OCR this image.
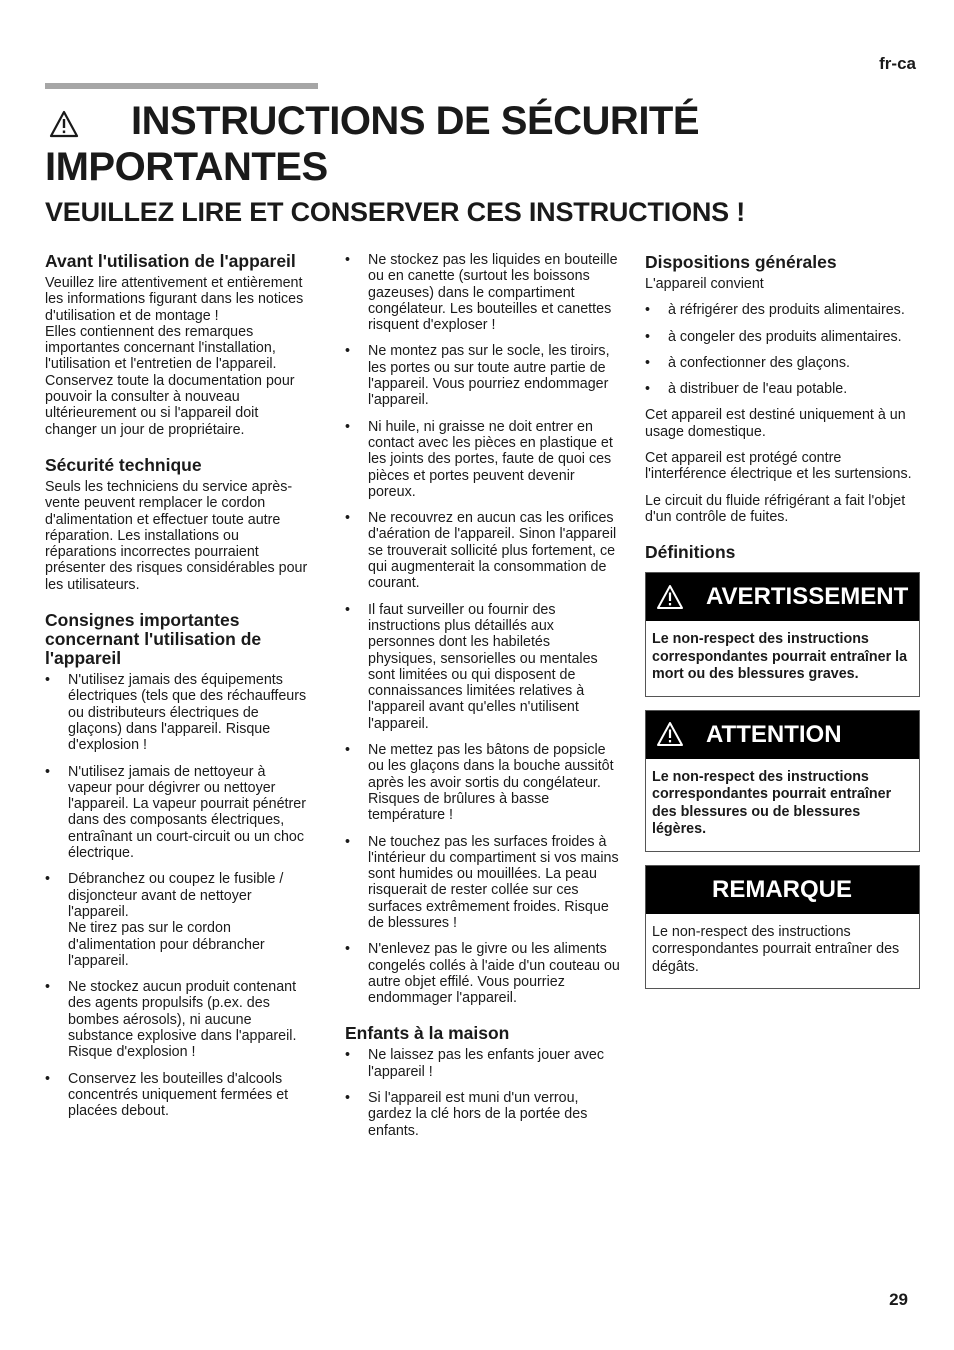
fr-ca
INSTRUCTIONS DE SÉCURITÉ IMPORTANTES
VEUILLEZ LIRE ET CONSERVER CES INSTRUCTIONS !
Avant l'utilisation de l'appareil

Veuillez lire attentivement et entièrement les informations figurant dans les notices d'utilisation et de montage !

Elles contiennent des remarques importantes concernant l'installation, l'utilisation et l'entretien de l'appareil. Conservez toute la documentation pour pouvoir la consulter à nouveau ultérieurement ou si l'appareil doit changer un jour de propriétaire.

Sécurité technique

Seuls les techniciens du service après-vente peuvent remplacer le cordon d'alimentation et effectuer toute autre réparation. Les installations ou réparations incorrectes pourraient présenter des risques considérables pour les utilisateurs.

Consignes importantes concernant l'utilisation de l'appareil
• N'utilisez jamais des équipements électriques (tels que des réchauffeurs ou distributeurs électriques de glaçons) dans l'appareil. Risque d'explosion !
• N'utilisez jamais de nettoyeur à vapeur pour dégivrer ou nettoyer l'appareil. La vapeur pourrait pénétrer dans des composants électriques, entraînant un court-circuit ou un choc électrique.
• Débranchez ou coupez le fusible / disjoncteur avant de nettoyer l'appareil.
Ne tirez pas sur le cordon d'alimentation pour débrancher l'appareil.
• Ne stockez aucun produit contenant des agents propulsifs (p.ex. des bombes aérosols), ni aucune substance explosive dans l'appareil. Risque d'explosion !
• Conservez les bouteilles d'alcools concentrés uniquement fermées et placées debout.
• Ne stockez pas les liquides en bouteille ou en canette (surtout les boissons gazeuses) dans le compartiment congélateur. Les bouteilles et canettes risquent d'exploser !
• Ne montez pas sur le socle, les tiroirs, les portes ou sur toute autre partie de l'appareil. Vous pourriez endommager l'appareil.
• Ni huile, ni graisse ne doit entrer en contact avec les pièces en plastique et les joints des portes, faute de quoi ces pièces et portes peuvent devenir poreux.
• Ne recouvrez en aucun cas les orifices d'aération de l'appareil. Sinon l'appareil se trouverait sollicité plus fortement, ce qui augmenterait la consommation de courant.
• Il faut surveiller ou fournir des instructions plus détaillés aux personnes dont les habiletés physiques, sensorielles ou mentales sont limitées ou qui disposent de connaissances limitées relatives à l'appareil avant qu'elles n'utilisent l'appareil.
• Ne mettez pas les bâtons de popsicle ou les glaçons dans la bouche aussitôt après les avoir sortis du congélateur. Risques de brûlures à basse température !
• Ne touchez pas les surfaces froides à l'intérieur du compartiment si vos mains sont humides ou mouillées. La peau risquerait de rester collée sur ces surfaces extrêmement froides. Risque de blessures !
• N'enlevez pas le givre ou les aliments congelés collés à l'aide d'un couteau ou autre objet effilé. Vous pourriez endommager l'appareil.
Enfants à la maison
• Ne laissez pas les enfants jouer avec l'appareil !
• Si l'appareil est muni d'un verrou, gardez la clé hors de la portée des enfants.
Dispositions générales

L'appareil convient

• à réfrigérer des produits alimentaires.
• à congeler des produits alimentaires.
• à confectionner des glaçons.
• à distribuer de l'eau potable.

Cet appareil est destiné uniquement à un usage domestique.

Cet appareil est protégé contre l'interférence électrique et les surtensions.

Le circuit du fluide réfrigérant a fait l'objet d'un contrôle de fuites.

Définitions
AVERTISSEMENT
Le non-respect des instructions correspondantes pourrait entraîner la mort ou des blessures graves.
ATTENTION
Le non-respect des instructions correspondantes pourrait entraîner des blessures ou de blessures légères.
REMARQUE
Le non-respect des instructions correspondantes pourrait entraîner des dégâts.
29
